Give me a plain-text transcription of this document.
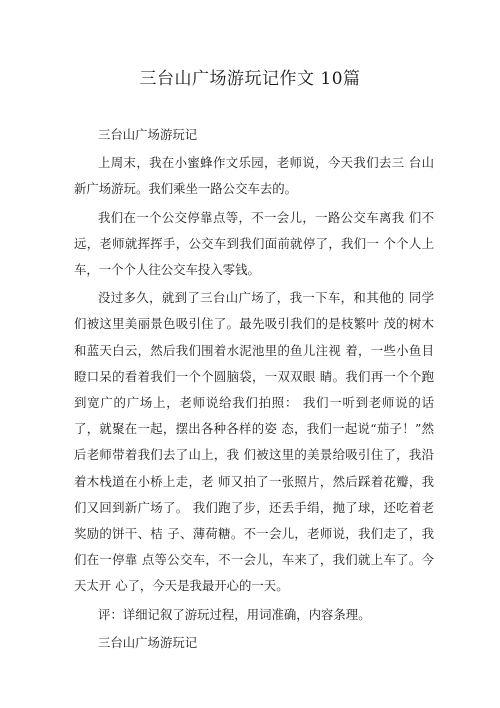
三台山广场游玩记作文 10篇

三台山广场游玩记

上周末，我在小蜜蜂作文乐园，老师说，今天我们去三 台山新广场游玩。我们乘坐一路公交车去的。

我们在一个公交停靠点等，不一会儿，一路公交车离我 们不远，老师就挥挥手，公交车到我们面前就停了，我们一 个个人上车，一个个人往公交车投入零钱。

没过多久，就到了三台山广场了，我一下车，和其他的 同学们被这里美丽景色吸引住了。最先吸引我们的是枝繁叶 茂的树木和蓝天白云，然后我们围着水泥池里的鱼儿注视 着，一些小鱼目瞪口呆的看着我们一个个圆脑袋，一双双眼 睛。我们再一个个跑到宽广的广场上，老师说给我们拍照： 我们一听到老师说的话了，就聚在一起，摆出各种各样的姿 态，我们一起说“茄子！”然后老师带着我们去了山上，我 们被这里的美景给吸引住了，我沿着木栈道在小桥上走，老 师又拍了一张照片，然后踩着花瓣，我们又回到新广场了。 我们跑了步，还丢手绢，抛了球，还吃着老奖励的饼干、桔 子、薄荷糖。不一会儿，老师说，我们走了，我们在一停靠 点等公交车，不一会儿，车来了，我们就上车了。今天太开 心了，今天是我最开心的一天。

评：详细记叙了游玩过程，用词准确，内容条理。

三台山广场游玩记
